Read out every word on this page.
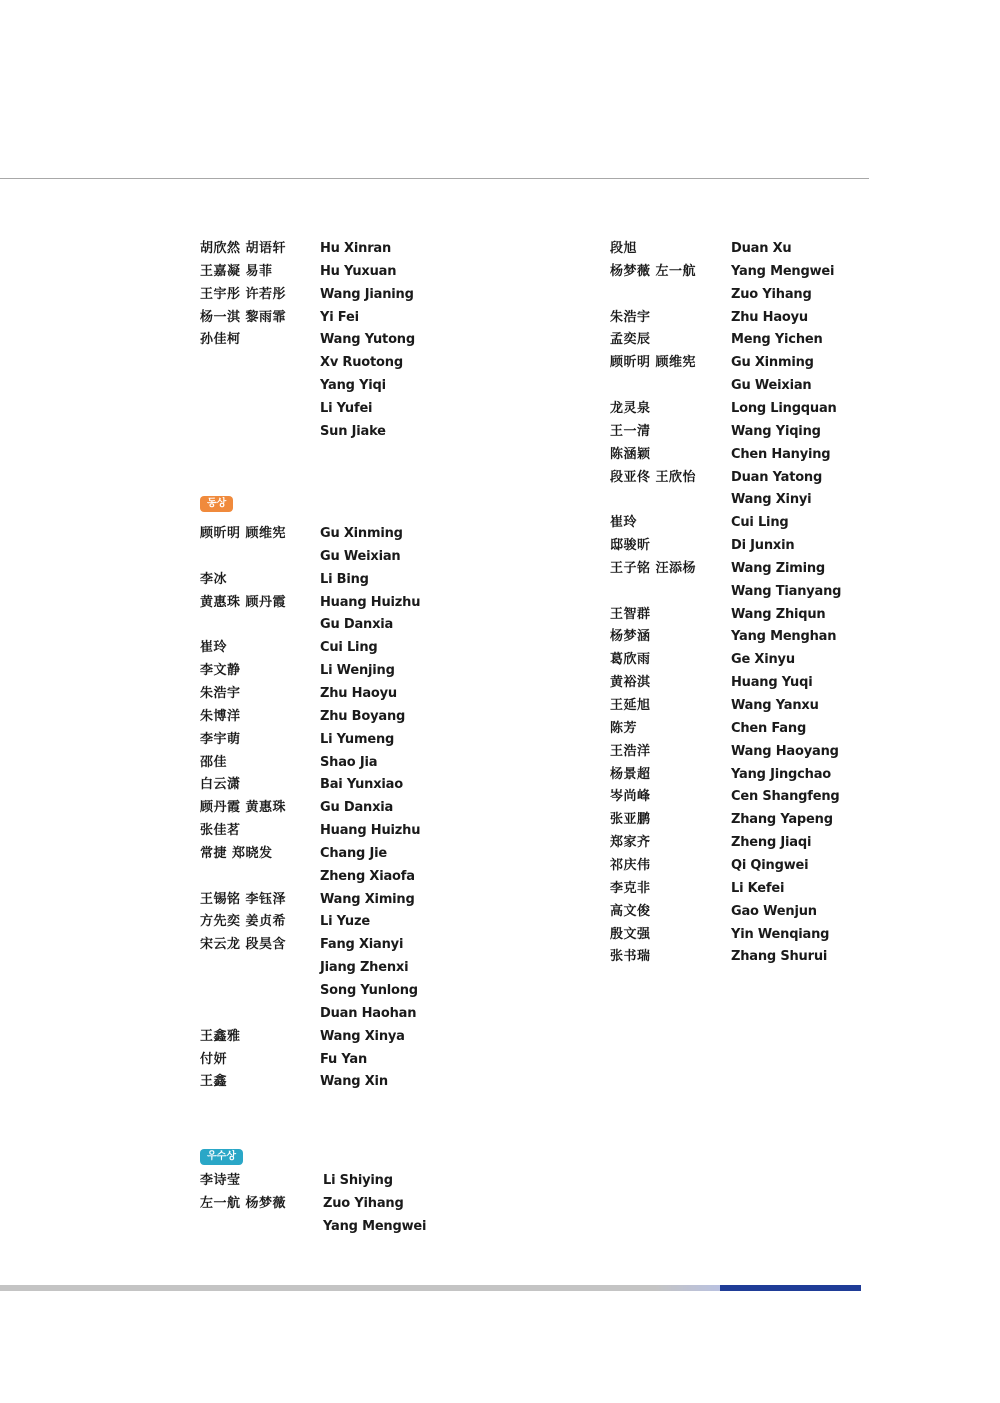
胡欣然 胡语轩
王嘉凝 易菲
王宇彤 许若彤
杨一淇 黎雨霏
孙佳柯
Hu Xinran
Hu Yuxuan
Wang Jianing
Yi Fei
Wang Yutong
Xv Ruotong
Yang Yiqi
Li Yufei
Sun Jiake
동상
顾昕明 顾维宪
李冰
黄惠珠 顾丹霞
崔玲
李文静
朱浩宇
朱博洋
李宇萌
邵佳
白云潇
顾丹霞 黄惠珠
张佳茗
常捷 郑晓发
王锡铭 李钰泽
方先奕 姜贞希
宋云龙 段昊含
王鑫雅
付妍
王鑫
Gu Xinming
Gu Weixian
Li Bing
Huang Huizhu
Gu Danxia
Cui Ling
Li Wenjing
Zhu Haoyu
Zhu Boyang
Li Yumeng
Shao Jia
Bai Yunxiao
Gu Danxia
Huang Huizhu
Chang Jie
Zheng Xiaofa
Wang Ximing
Li Yuze
Fang Xianyi
Jiang Zhenxi
Song Yunlong
Duan Haohan
Wang Xinya
Fu Yan
Wang Xin
우수상
李诗莹
左一航 杨梦薇
Li Shiying
Zuo Yihang
Yang Mengwei
段旭
杨梦薇 左一航
朱浩宇
孟奕辰
顾昕明 顾维宪
龙灵泉
王一清
陈涵颖
段亚佟 王欣怡
崔玲
邸骏昕
王子铭 汪添杨
王智群
杨梦涵
葛欣雨
黄裕淇
王延旭
陈芳
王浩洋
杨景超
岑尚峰
张亚鹏
郑家齐
祁庆伟
李克非
高文俊
殷文强
张书瑞
Duan Xu
Yang Mengwei
Zuo Yihang
Zhu Haoyu
Meng Yichen
Gu Xinming
Gu Weixian
Long Lingquan
Wang Yiqing
Chen Hanying
Duan Yatong
Wang Xinyi
Cui Ling
Di Junxin
Wang Ziming
Wang Tianyang
Wang Zhiqun
Yang Menghan
Ge Xinyu
Huang Yuqi
Wang Yanxu
Chen Fang
Wang Haoyang
Yang Jingchao
Cen Shangfeng
Zhang Yapeng
Zheng Jiaqi
Qi Qingwei
Li Kefei
Gao Wenjun
Yin Wenqiang
Zhang Shurui
